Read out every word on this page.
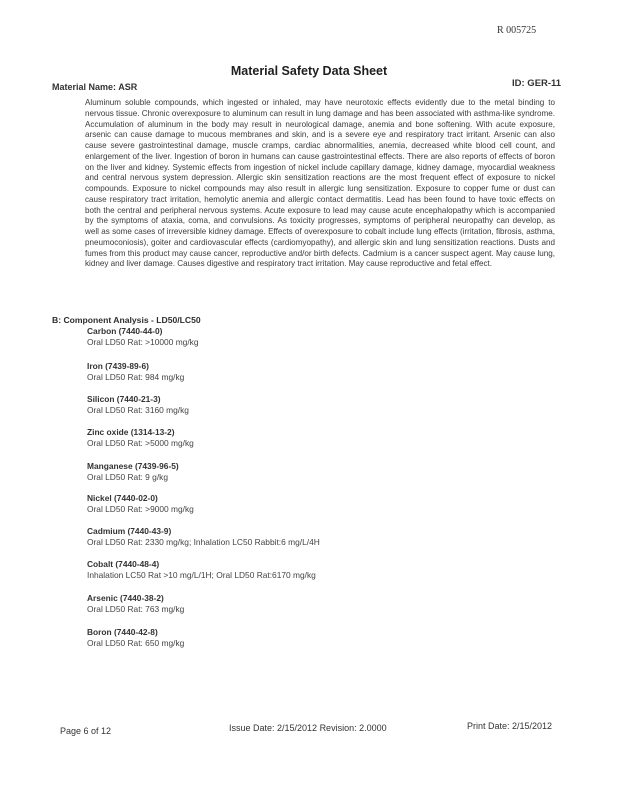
R 005725
Material Safety Data Sheet
Material Name: ASR	ID: GER-11
Aluminum soluble compounds, which ingested or inhaled, may have neurotoxic effects evidently due to the metal binding to nervous tissue. Chronic overexposure to aluminum can result in lung damage and has been associated with asthma-like syndrome. Accumulation of aluminum in the body may result in neurological damage, anemia and bone softening. With acute exposure, arsenic can cause damage to mucous membranes and skin, and is a severe eye and respiratory tract irritant. Arsenic can also cause severe gastrointestinal damage, muscle cramps, cardiac abnormalities, anemia, decreased white blood cell count, and enlargement of the liver. Ingestion of boron in humans can cause gastrointestinal effects. There are also reports of effects of boron on the liver and kidney. Systemic effects from ingestion of nickel include capillary damage, kidney damage, myocardial weakness and central nervous system depression. Allergic skin sensitization reactions are the most frequent effect of exposure to nickel compounds. Exposure to nickel compounds may also result in allergic lung sensitization. Exposure to copper fume or dust can cause respiratory tract irritation, hemolytic anemia and allergic contact dermatitis. Lead has been found to have toxic effects on both the central and peripheral nervous systems. Acute exposure to lead may cause acute encephalopathy which is accompanied by the symptoms of ataxia, coma, and convulsions. As toxicity progresses, symptoms of peripheral neuropathy can develop, as well as some cases of irreversible kidney damage. Effects of overexposure to cobalt include lung effects (irritation, fibrosis, asthma, pneumoconiosis), goiter and cardiovascular effects (cardiomyopathy), and allergic skin and lung sensitization reactions. Dusts and fumes from this product may cause cancer, reproductive and/or birth defects. Cadmium is a cancer suspect agent. May cause lung, kidney and liver damage. Causes digestive and respiratory tract irritation. May cause reproductive and fetal effect.
B: Component Analysis - LD50/LC50
Carbon (7440-44-0)
Oral LD50 Rat: >10000 mg/kg
Iron (7439-89-6)
Oral LD50 Rat: 984 mg/kg
Silicon (7440-21-3)
Oral LD50 Rat: 3160 mg/kg
Zinc oxide (1314-13-2)
Oral LD50 Rat: >5000 mg/kg
Manganese (7439-96-5)
Oral LD50 Rat: 9 g/kg
Nickel (7440-02-0)
Oral LD50 Rat: >9000 mg/kg
Cadmium (7440-43-9)
Oral LD50 Rat: 2330 mg/kg; Inhalation LC50 Rabbit:6 mg/L/4H
Cobalt (7440-48-4)
Inhalation LC50 Rat >10 mg/L/1H; Oral LD50 Rat:6170 mg/kg
Arsenic (7440-38-2)
Oral LD50 Rat: 763 mg/kg
Boron (7440-42-8)
Oral LD50 Rat: 650 mg/kg
Page 6 of 12	Issue Date: 2/15/2012 Revision: 2.0000	Print Date: 2/15/2012
